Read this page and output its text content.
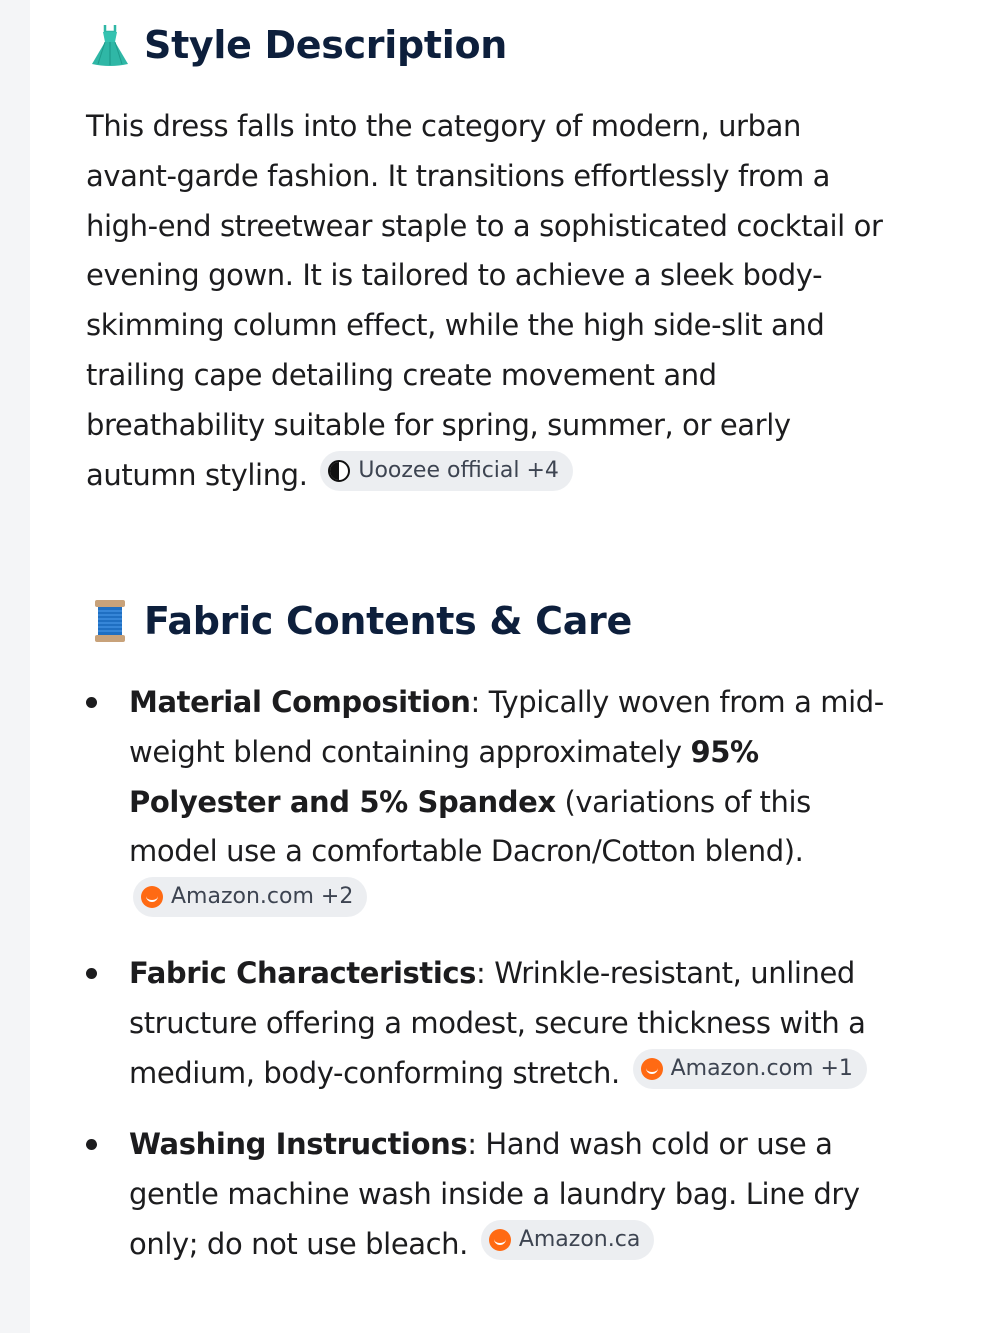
Style Description
This dress falls into the category of modern, urban avant-garde fashion. It transitions effortlessly from a high-end streetwear staple to a sophisticated cocktail or evening gown. It is tailored to achieve a sleek body-skimming column effect, while the high side-slit and trailing cape detailing create movement and breathability suitable for spring, summer, or early autumn styling. Uoozee official +4
Fabric Contents & Care
Material Composition: Typically woven from a mid-weight blend containing approximately 95% Polyester and 5% Spandex (variations of this model use a comfortable Dacron/Cotton blend).
Amazon.com +2
Fabric Characteristics: Wrinkle-resistant, unlined structure offering a modest, secure thickness with a medium, body-conforming stretch. Amazon.com +1
Washing Instructions: Hand wash cold or use a gentle machine wash inside a laundry bag. Line dry only; do not use bleach. Amazon.ca
